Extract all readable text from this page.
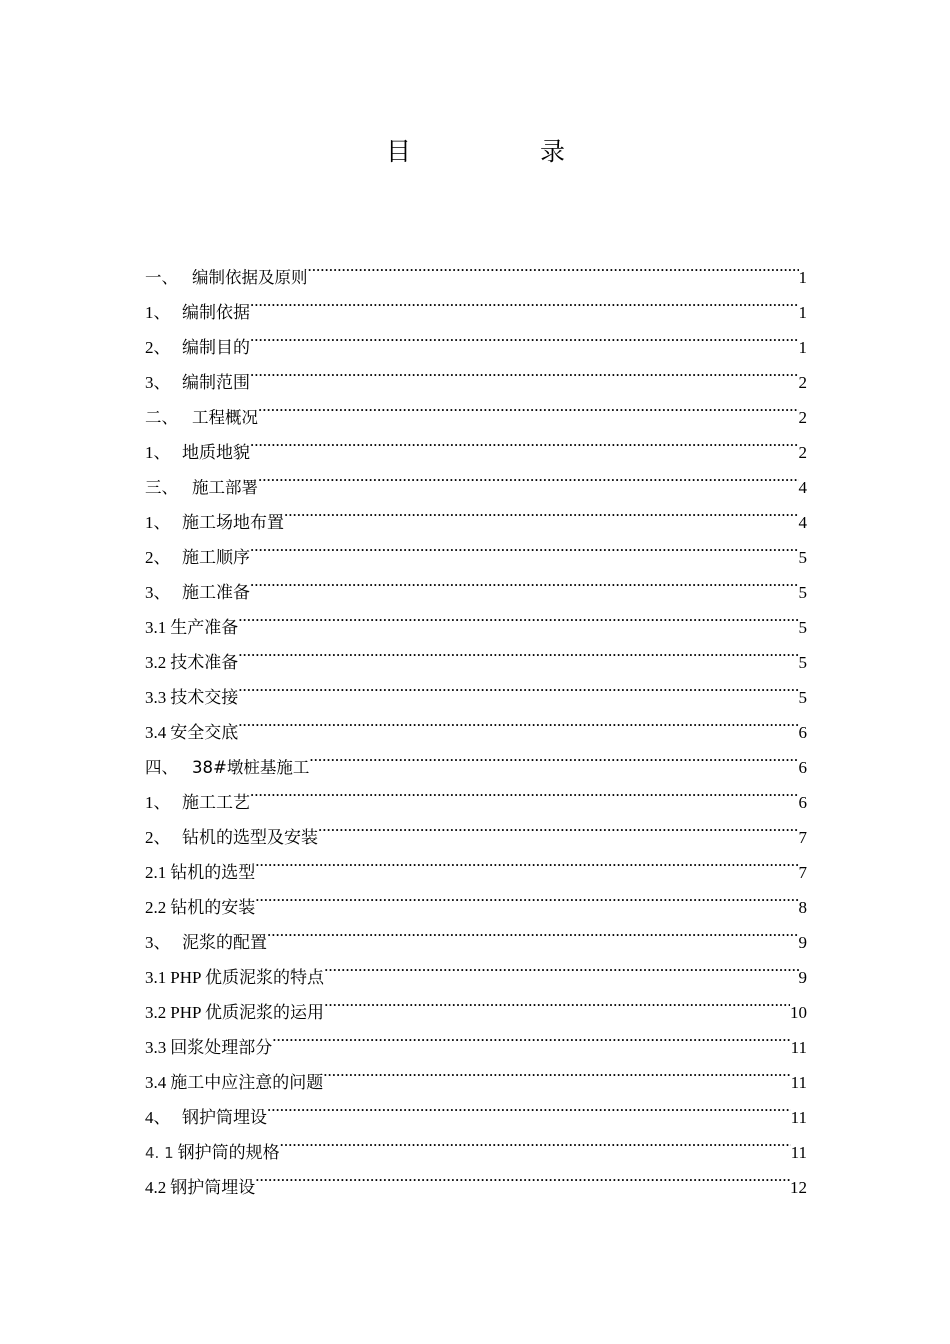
目	录
一、 编制依据及原则 .....	1
1、 编制依据 .....	1
2、 编制目的 .....	1
3、 编制范围 .....	2
二、 工程概况 .....	2
1、 地质地貌 .....	2
三、 施工部署 .....	4
1、 施工场地布置 .....	4
2、 施工顺序 .....	5
3、 施工准备 .....	5
3.1 生产准备 .....	5
3.2 技术准备 .....	5
3.3 技术交接 .....	5
3.4 安全交底 .....	6
四、 38#墩桩基施工 .....	6
1、 施工工艺 .....	6
2、 钻机的选型及安装 .....	7
2.1 钻机的选型 .....	7
2.2 钻机的安装 .....	8
3、 泥浆的配置 .....	9
3.1 PHP 优质泥浆的特点 .....	9
3.2 PHP 优质泥浆的运用 .....	10
3.3 回浆处理部分 .....	11
3.4 施工中应注意的问题 .....	11
4、 钢护筒埋设 .....	11
4. 1 钢护筒的规格 .....	11
4.2 钢护筒埋设 .....	12
